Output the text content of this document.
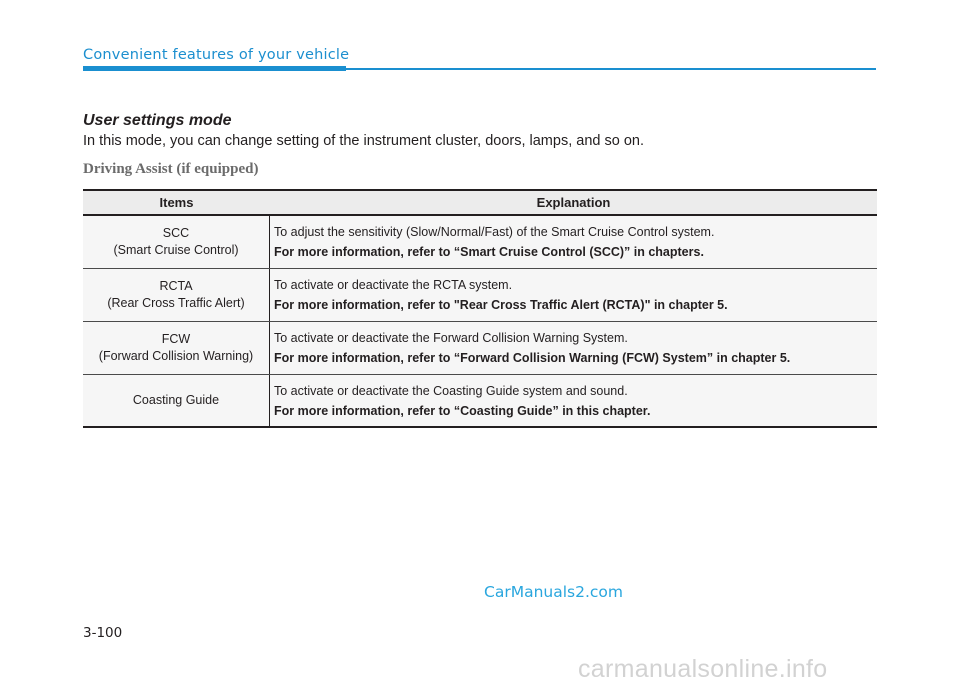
Convenient features of your vehicle
User settings mode
In this mode, you can change setting of the instrument cluster, doors, lamps, and so on.
Driving Assist (if equipped)
Items	Explanation
SCC
(Smart Cruise Control)
To adjust the sensitivity (Slow/Normal/Fast) of the Smart Cruise Control system.
For more information, refer to “Smart Cruise Control (SCC)” in chapters.
RCTA
(Rear Cross Traffic Alert)
To activate or deactivate the RCTA system.
For more information, refer to "Rear Cross Traffic Alert (RCTA)" in chapter 5.
FCW
(Forward Collision Warning)
To activate or deactivate the Forward Collision Warning System.
For more information, refer to “Forward Collision Warning (FCW) System” in chapter 5.
Coasting Guide
To activate or deactivate the Coasting Guide system and sound.
For more information, refer to “Coasting Guide” in this chapter.
CarManuals2.com
3-100
carmanualsonline.info
